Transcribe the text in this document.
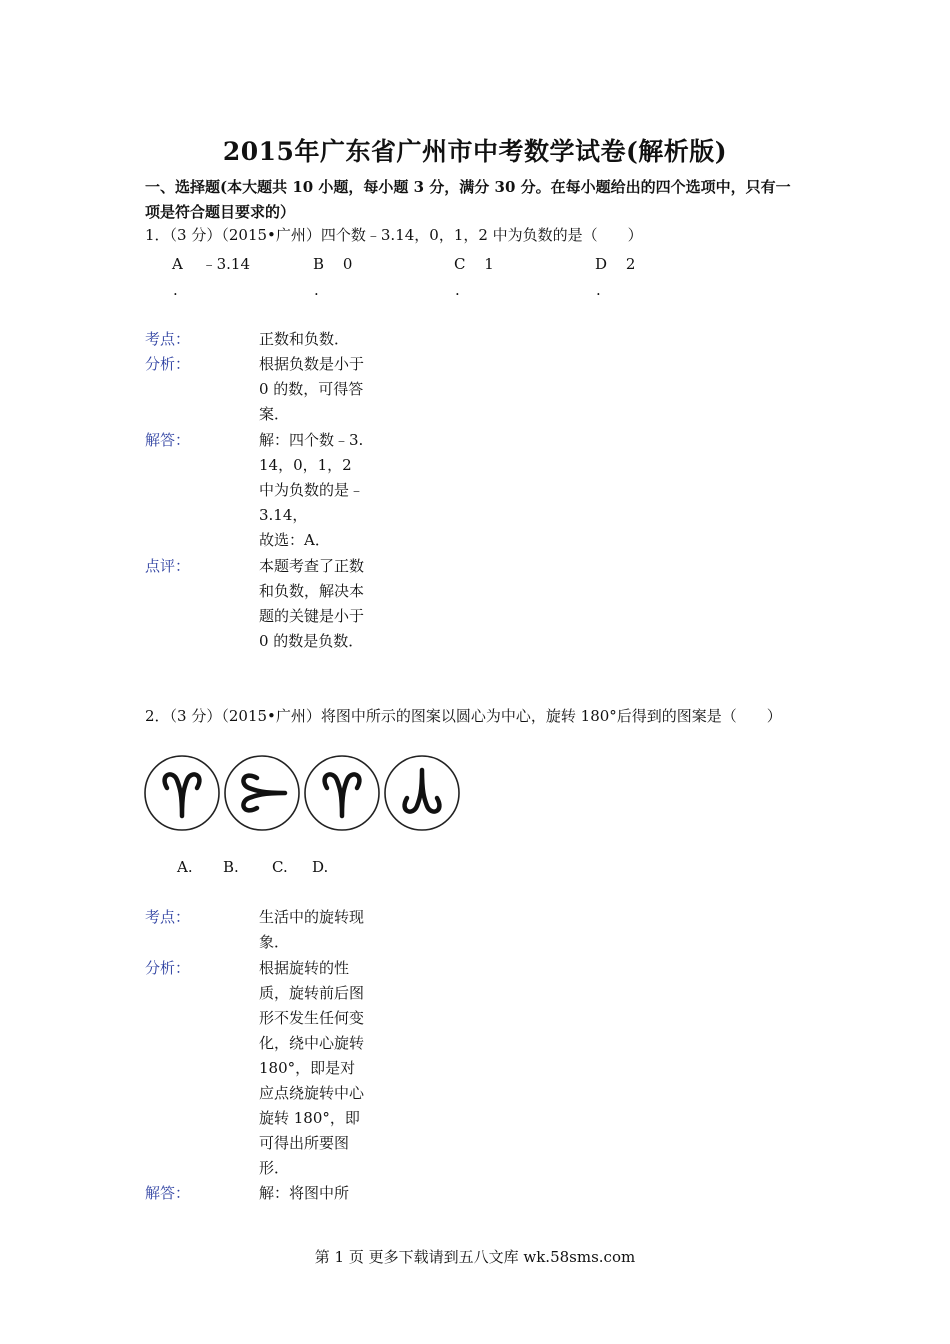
2015年广东省广州市中考数学试卷(解析版)
一、选择题(本大题共 10 小题，每小题 3 分，满分 30 分。在每小题给出的四个选项中，只有一项是符合题目要求的）
1．（3 分）（2015•广州）四个数﹣3.14，0，1，2 中为负数的是（　　）
A ﹣3.14
.
B 0
.
C 1
.
D 2
.
考点：	正数和负数．
分析：	根据负数是小于 0 的数，可得答案．
解答：	解：四个数﹣3.14，0，1，2 中为负数的是﹣3.14，
故选：A．
点评：	本题考查了正数和负数，解决本题的关键是小于 0 的数是负数．
2．（3 分）（2015•广州）将图中所示的图案以圆心为中心，旋转 180°后得到的图案是（　　）
A. B. C. D.
考点：	生活中的旋转现象．
分析：	根据旋转的性质，旋转前后图形不发生任何变化，绕中心旋转 180°，即是对应点绕旋转中心旋转 180°，即可得出所要图形．
解答：	解：将图中所
第 1 页 更多下载请到五八文库 wk.58sms.com
